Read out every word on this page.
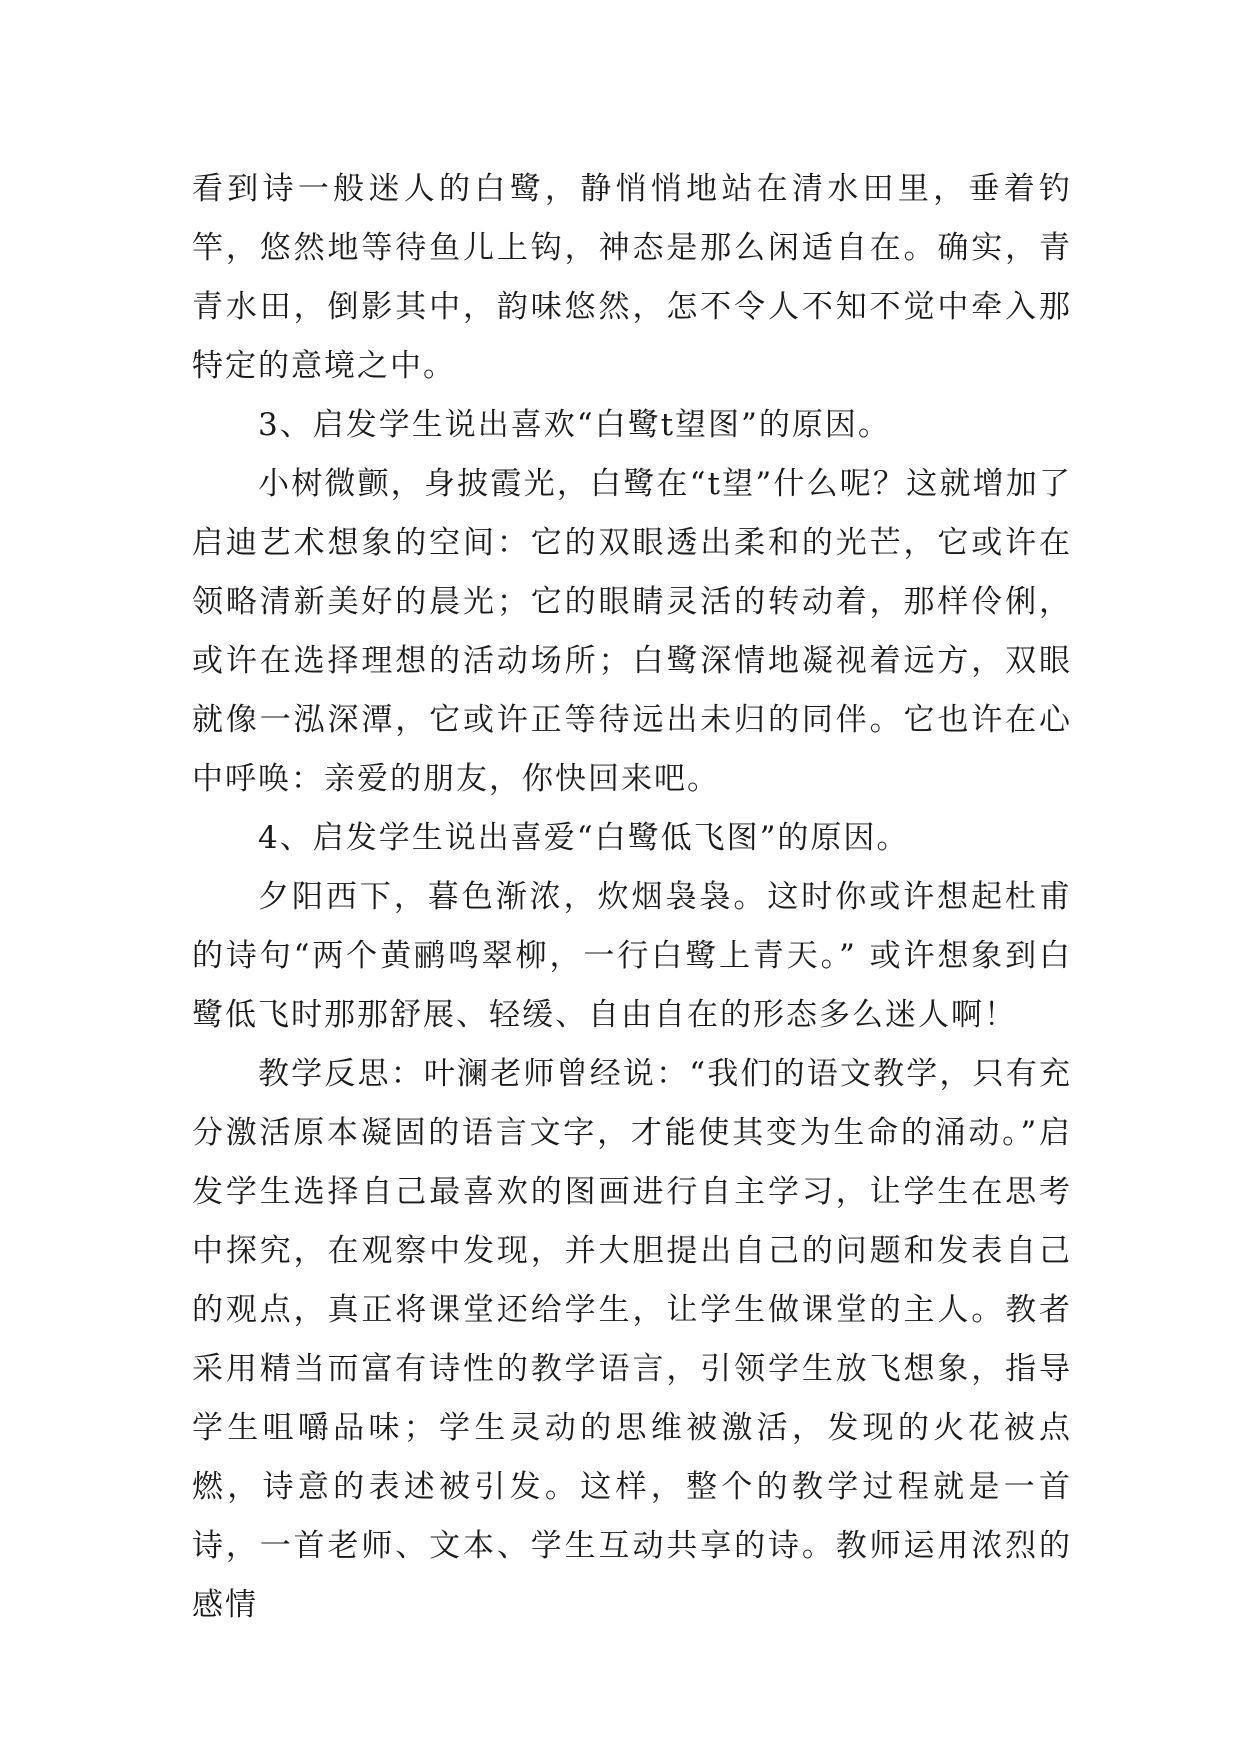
看到诗一般迷人的白鹭，静悄悄地站在清水田里，垂着钓竿，悠然地等待鱼儿上钩，神态是那么闲适自在。确实，青青水田，倒影其中，韵味悠然，怎不令人不知不觉中牵入那特定的意境之中。

3、启发学生说出喜欢“白鹭t望图”的原因。

小树微颤，身披霞光，白鹭在“t望”什么呢？这就增加了启迪艺术想象的空间：它的双眼透出柔和的光芒，它或许在领略清新美好的晨光；它的眼睛灵活的转动着，那样伶俐，或许在选择理想的活动场所；白鹭深情地凝视着远方，双眼就像一泓深潭，它或许正等待远出未归的同伴。它也许在心中呼唤：亲爱的朋友，你快回来吧。

4、启发学生说出喜爱“白鹭低飞图”的原因。

夕阳西下，暮色渐浓，炊烟袅袅。这时你或许想起杜甫的诗句“两个黄鹂鸣翠柳，一行白鹭上青天。” 或许想象到白鹭低飞时那那舒展、轻缓、自由自在的形态多么迷人啊！

教学反思：叶澜老师曾经说：“我们的语文教学，只有充分激活原本凝固的语言文字，才能使其变为生命的涌动。”启发学生选择自己最喜欢的图画进行自主学习，让学生在思考中探究，在观察中发现，并大胆提出自己的问题和发表自己的观点，真正将课堂还给学生，让学生做课堂的主人。教者采用精当而富有诗性的教学语言，引领学生放飞想象，指导学生咀嚼品味；学生灵动的思维被激活，发现的火花被点燃，诗意的表述被引发。这样，整个的教学过程就是一首诗，一首老师、文本、学生互动共享的诗。教师运用浓烈的感情
